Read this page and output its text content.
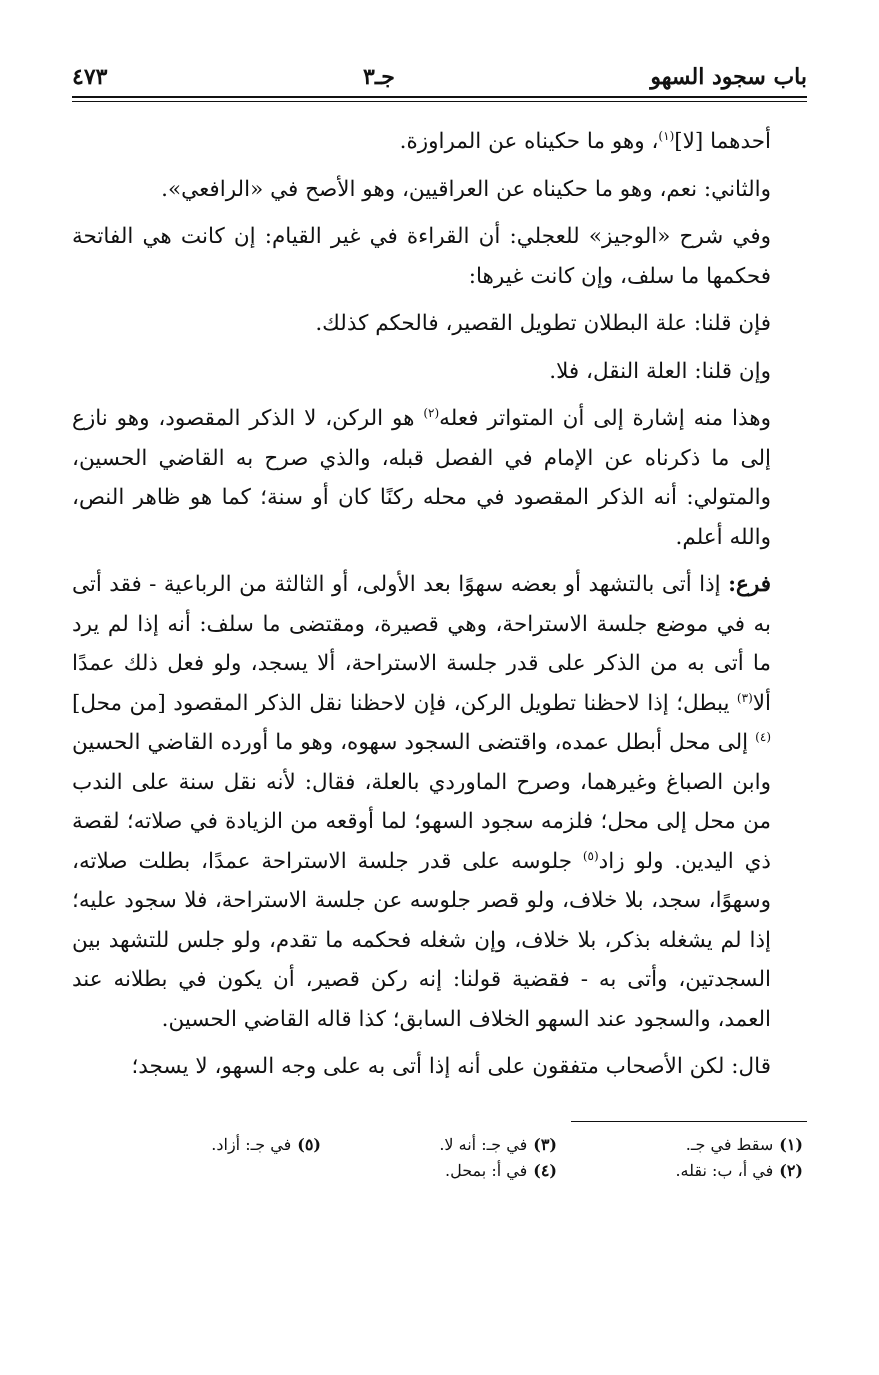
باب سجود السهو
جـ٣
٤٧٣

أحدهما [لا]$^{(١)}$، وهو ما حكيناه عن المراوزة.

والثاني: نعم، وهو ما حكيناه عن العراقيين، وهو الأصح في «الرافعي».

وفي شرح «الوجيز» للعجلي: أن القراءة في غير القيام: إن كانت هي الفاتحة فحكمها ما سلف، وإن كانت غيرها:

فإن قلنا: علة البطلان تطويل القصير، فالحكم كذلك.

وإن قلنا: العلة النقل، فلا.

وهذا منه إشارة إلى أن المتواتر فعله$^{(٢)}$ هو الركن، لا الذكر المقصود، وهو نازع إلى ما ذكرناه عن الإمام في الفصل قبله، والذي صرح به القاضي الحسين، والمتولي: أنه الذكر المقصود في محله ركنًا كان أو سنة؛ كما هو ظاهر النص، والله أعلم.

فرع: إذا أتى بالتشهد أو بعضه سهوًا بعد الأولى، أو الثالثة من الرباعية - فقد أتى به في موضع جلسة الاستراحة، وهي قصيرة، ومقتضى ما سلف: أنه إذا لم يرد ما أتى به من الذكر على قدر جلسة الاستراحة، ألا يسجد، ولو فعل ذلك عمدًا ألا$^{(٣)}$ يبطل؛ إذا لاحظنا تطويل الركن، فإن لاحظنا نقل الذكر المقصود [من محل]$^{(٤)}$ إلى محل أبطل عمده، واقتضى السجود سهوه، وهو ما أورده القاضي الحسين وابن الصباغ وغيرهما، وصرح الماوردي بالعلة، فقال: لأنه نقل سنة على الندب من محل إلى محل؛ فلزمه سجود السهو؛ لما أوقعه من الزيادة في صلاته؛ لقصة ذي اليدين. ولو زاد$^{(٥)}$ جلوسه على قدر جلسة الاستراحة عمدًا، بطلت صلاته، وسهوًا، سجد، بلا خلاف، ولو قصر جلوسه عن جلسة الاستراحة، فلا سجود عليه؛ إذا لم يشغله بذكر، بلا خلاف، وإن شغله فحكمه ما تقدم، ولو جلس للتشهد بين السجدتين، وأتى به - فقضية قولنا: إنه ركن قصير، أن يكون في بطلانه عند العمد، والسجود عند السهو الخلاف السابق؛ كذا قاله القاضي الحسين.

قال: لكن الأصحاب متفقون على أنه إذا أتى به على وجه السهو، لا يسجد؛

(١)سقط في جـ.
(٢)في أ، ب: نقله.
(٣)في جـ: أنه لا.
(٤)في أ: بمحل.
(٥)في جـ: أزاد.
